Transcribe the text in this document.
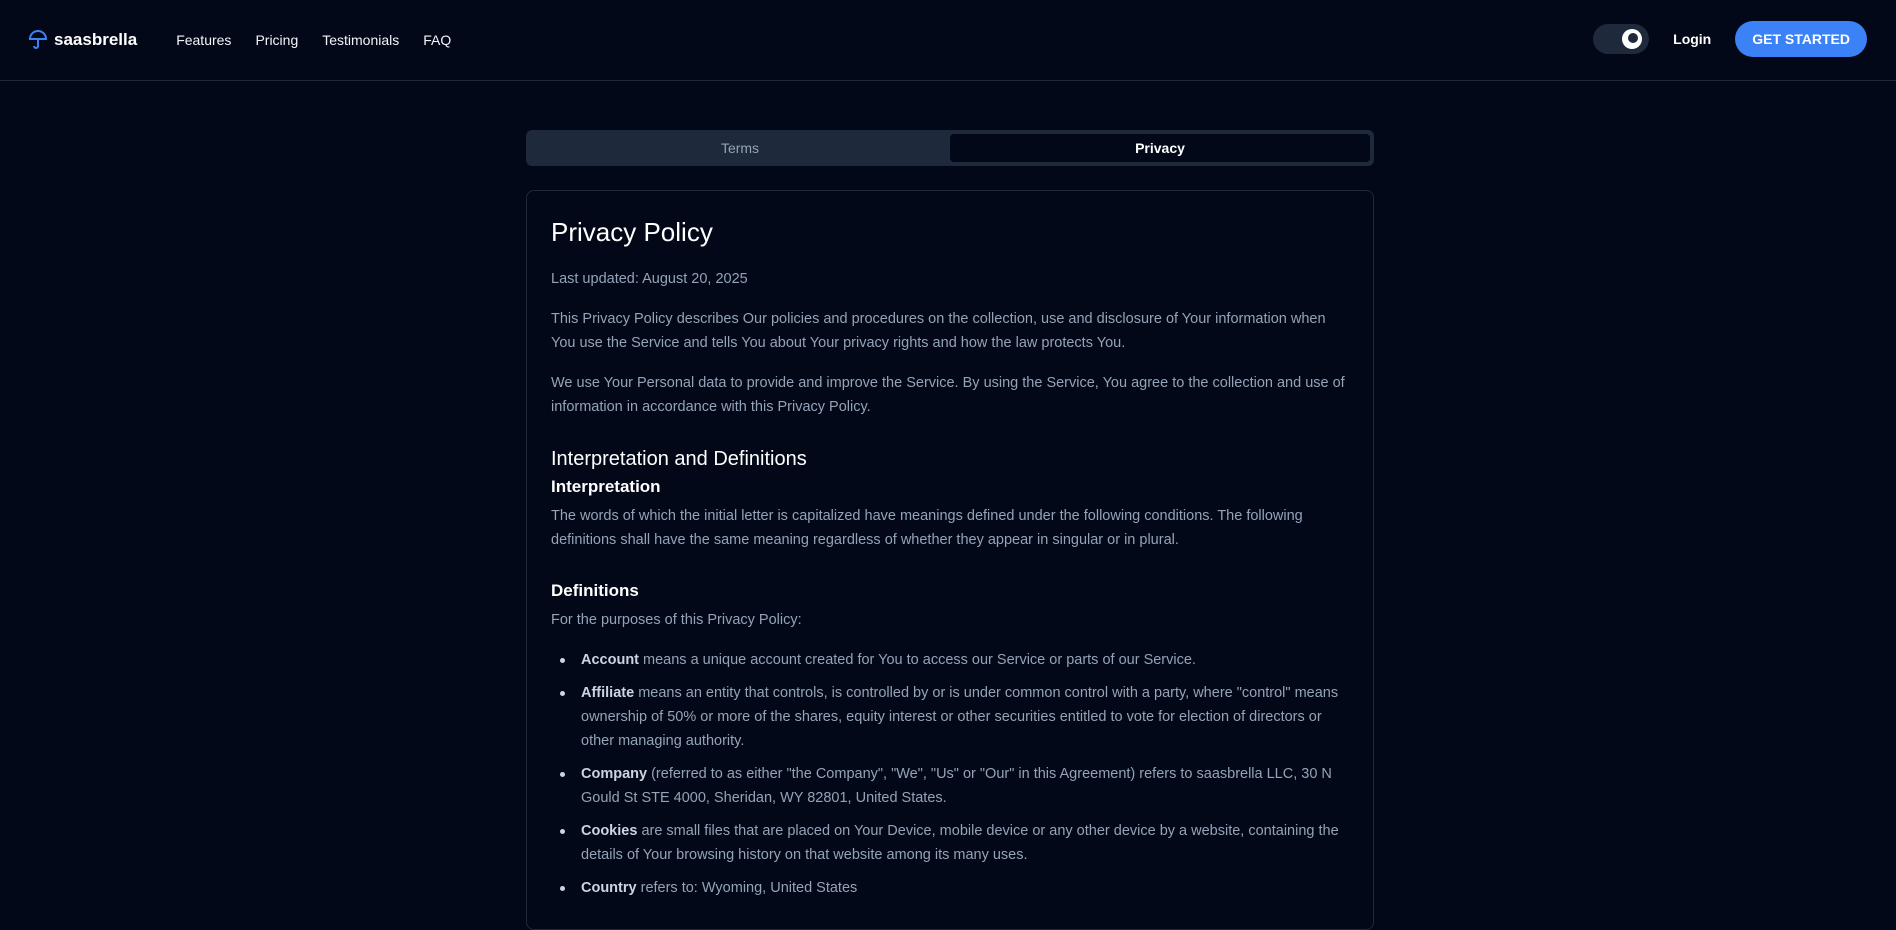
saasbrella	Features Pricing Testimonials FAQ	Login	GET STARTED
Terms	Privacy
Privacy Policy

Last updated: August 20, 2025

This Privacy Policy describes Our policies and procedures on the collection, use and disclosure of Your information when You use the Service and tells You about Your privacy rights and how the law protects You.

We use Your Personal data to provide and improve the Service. By using the Service, You agree to the collection and use of information in accordance with this Privacy Policy.

Interpretation and Definitions
Interpretation

The words of which the initial letter is capitalized have meanings defined under the following conditions. The following definitions shall have the same meaning regardless of whether they appear in singular or in plural.

Definitions

For the purposes of this Privacy Policy:

Account means a unique account created for You to access our Service or parts of our Service.
Affiliate means an entity that controls, is controlled by or is under common control with a party, where "control" means ownership of 50% or more of the shares, equity interest or other securities entitled to vote for election of directors or other managing authority.
Company (referred to as either "the Company", "We", "Us" or "Our" in this Agreement) refers to saasbrella LLC, 30 N Gould St STE 4000, Sheridan, WY 82801, United States.
Cookies are small files that are placed on Your Device, mobile device or any other device by a website, containing the details of Your browsing history on that website among its many uses.
Country refers to: Wyoming, United States
